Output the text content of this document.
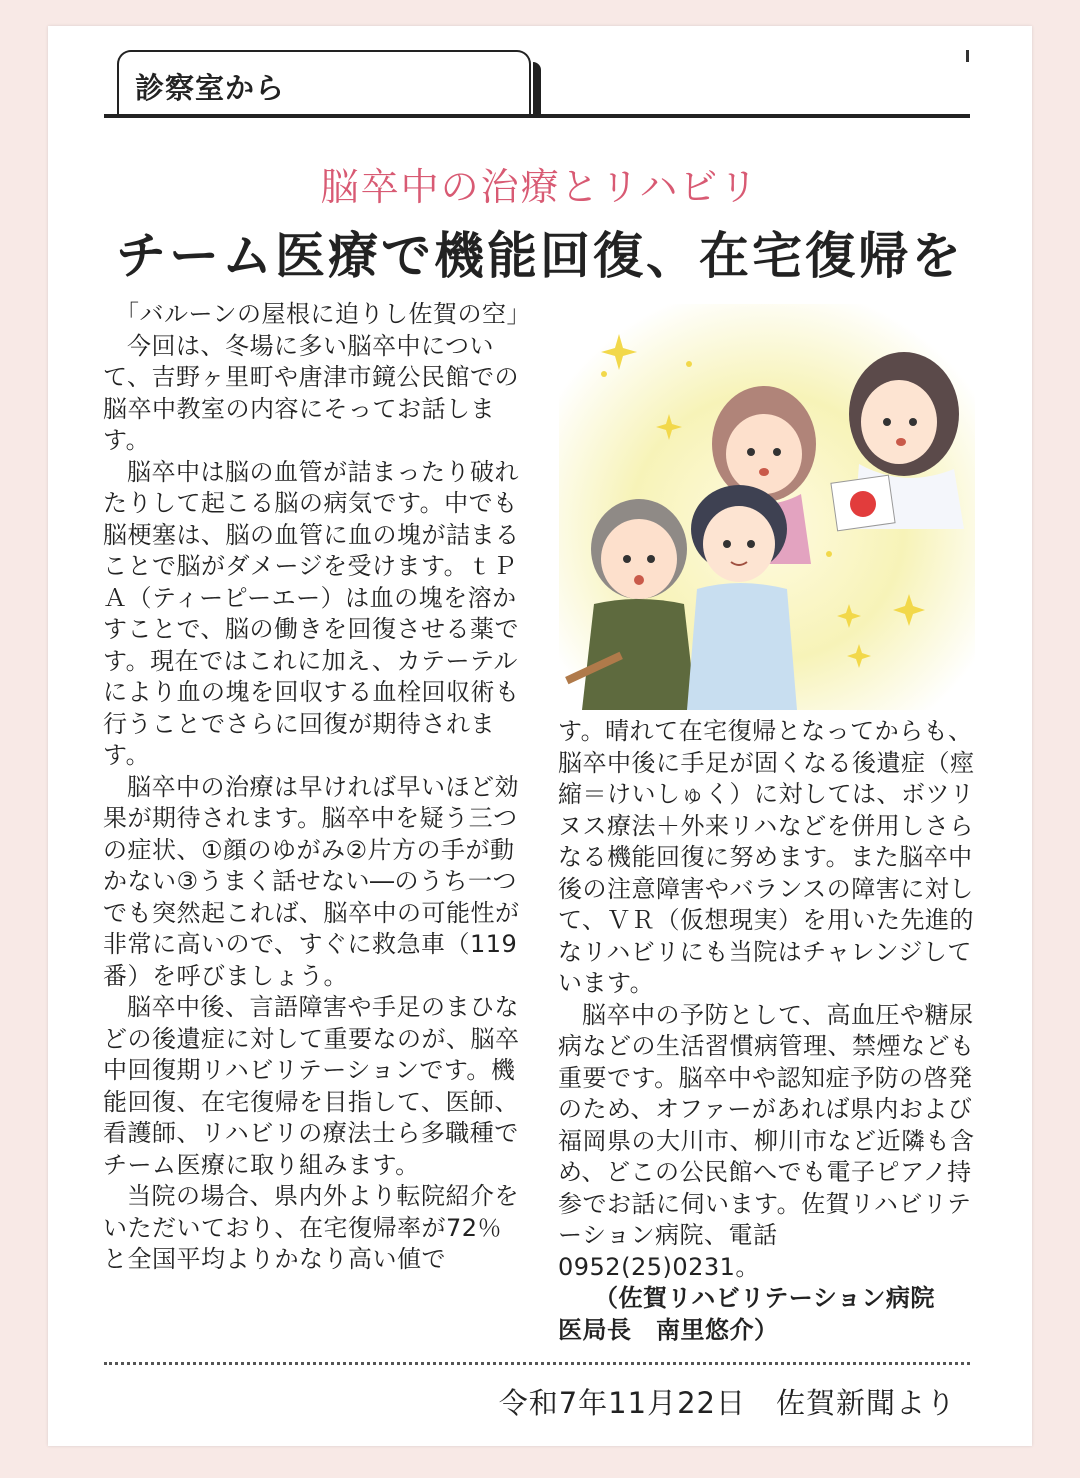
診察室から
脳卒中の治療とリハビリ
チーム医療で機能回復、在宅復帰を

「バルーンの屋根に迫りし佐賀の空」

今回は、冬場に多い脳卒中について、吉野ヶ里町や唐津市鏡公民館での脳卒中教室の内容にそってお話します。

脳卒中は脳の血管が詰まったり破れたりして起こる脳の病気です。中でも脳梗塞は、脳の血管に血の塊が詰まることで脳がダメージを受けます。ｔＰＡ（ティーピーエー）は血の塊を溶かすことで、脳の働きを回復させる薬です。現在ではこれに加え、カテーテルにより血の塊を回収する血栓回収術も行うことでさらに回復が期待されます。

脳卒中の治療は早ければ早いほど効果が期待されます。脳卒中を疑う三つの症状、①顔のゆがみ②片方の手が動かない③うまく話せない―のうち一つでも突然起これば、脳卒中の可能性が非常に高いので、すぐに救急車（119番）を呼びましょう。

脳卒中後、言語障害や手足のまひなどの後遺症に対して重要なのが、脳卒中回復期リハビリテーションです。機能回復、在宅復帰を目指して、医師、看護師、リハビリの療法士ら多職種でチーム医療に取り組みます。

当院の場合、県内外より転院紹介をいただいており、在宅復帰率が72％と全国平均よりかなり高い値で

す。晴れて在宅復帰となってからも、脳卒中後に手足が固くなる後遺症（痙縮＝けいしゅく）に対しては、ボツリヌス療法＋外来リハなどを併用しさらなる機能回復に努めます。また脳卒中後の注意障害やバランスの障害に対して、ＶＲ（仮想現実）を用いた先進的なリハビリにも当院はチャレンジしています。

脳卒中の予防として、高血圧や糖尿病などの生活習慣病管理、禁煙なども重要です。脳卒中や認知症予防の啓発のため、オファーがあれば県内および福岡県の大川市、柳川市など近隣も含め、どこの公民館へでも電子ピアノ持参でお話に伺います。佐賀リハビリテーション病院、電話0952(25)0231。

（佐賀リハビリテーション病院
医局長　南里悠介）
令和7年11月22日　佐賀新聞より
